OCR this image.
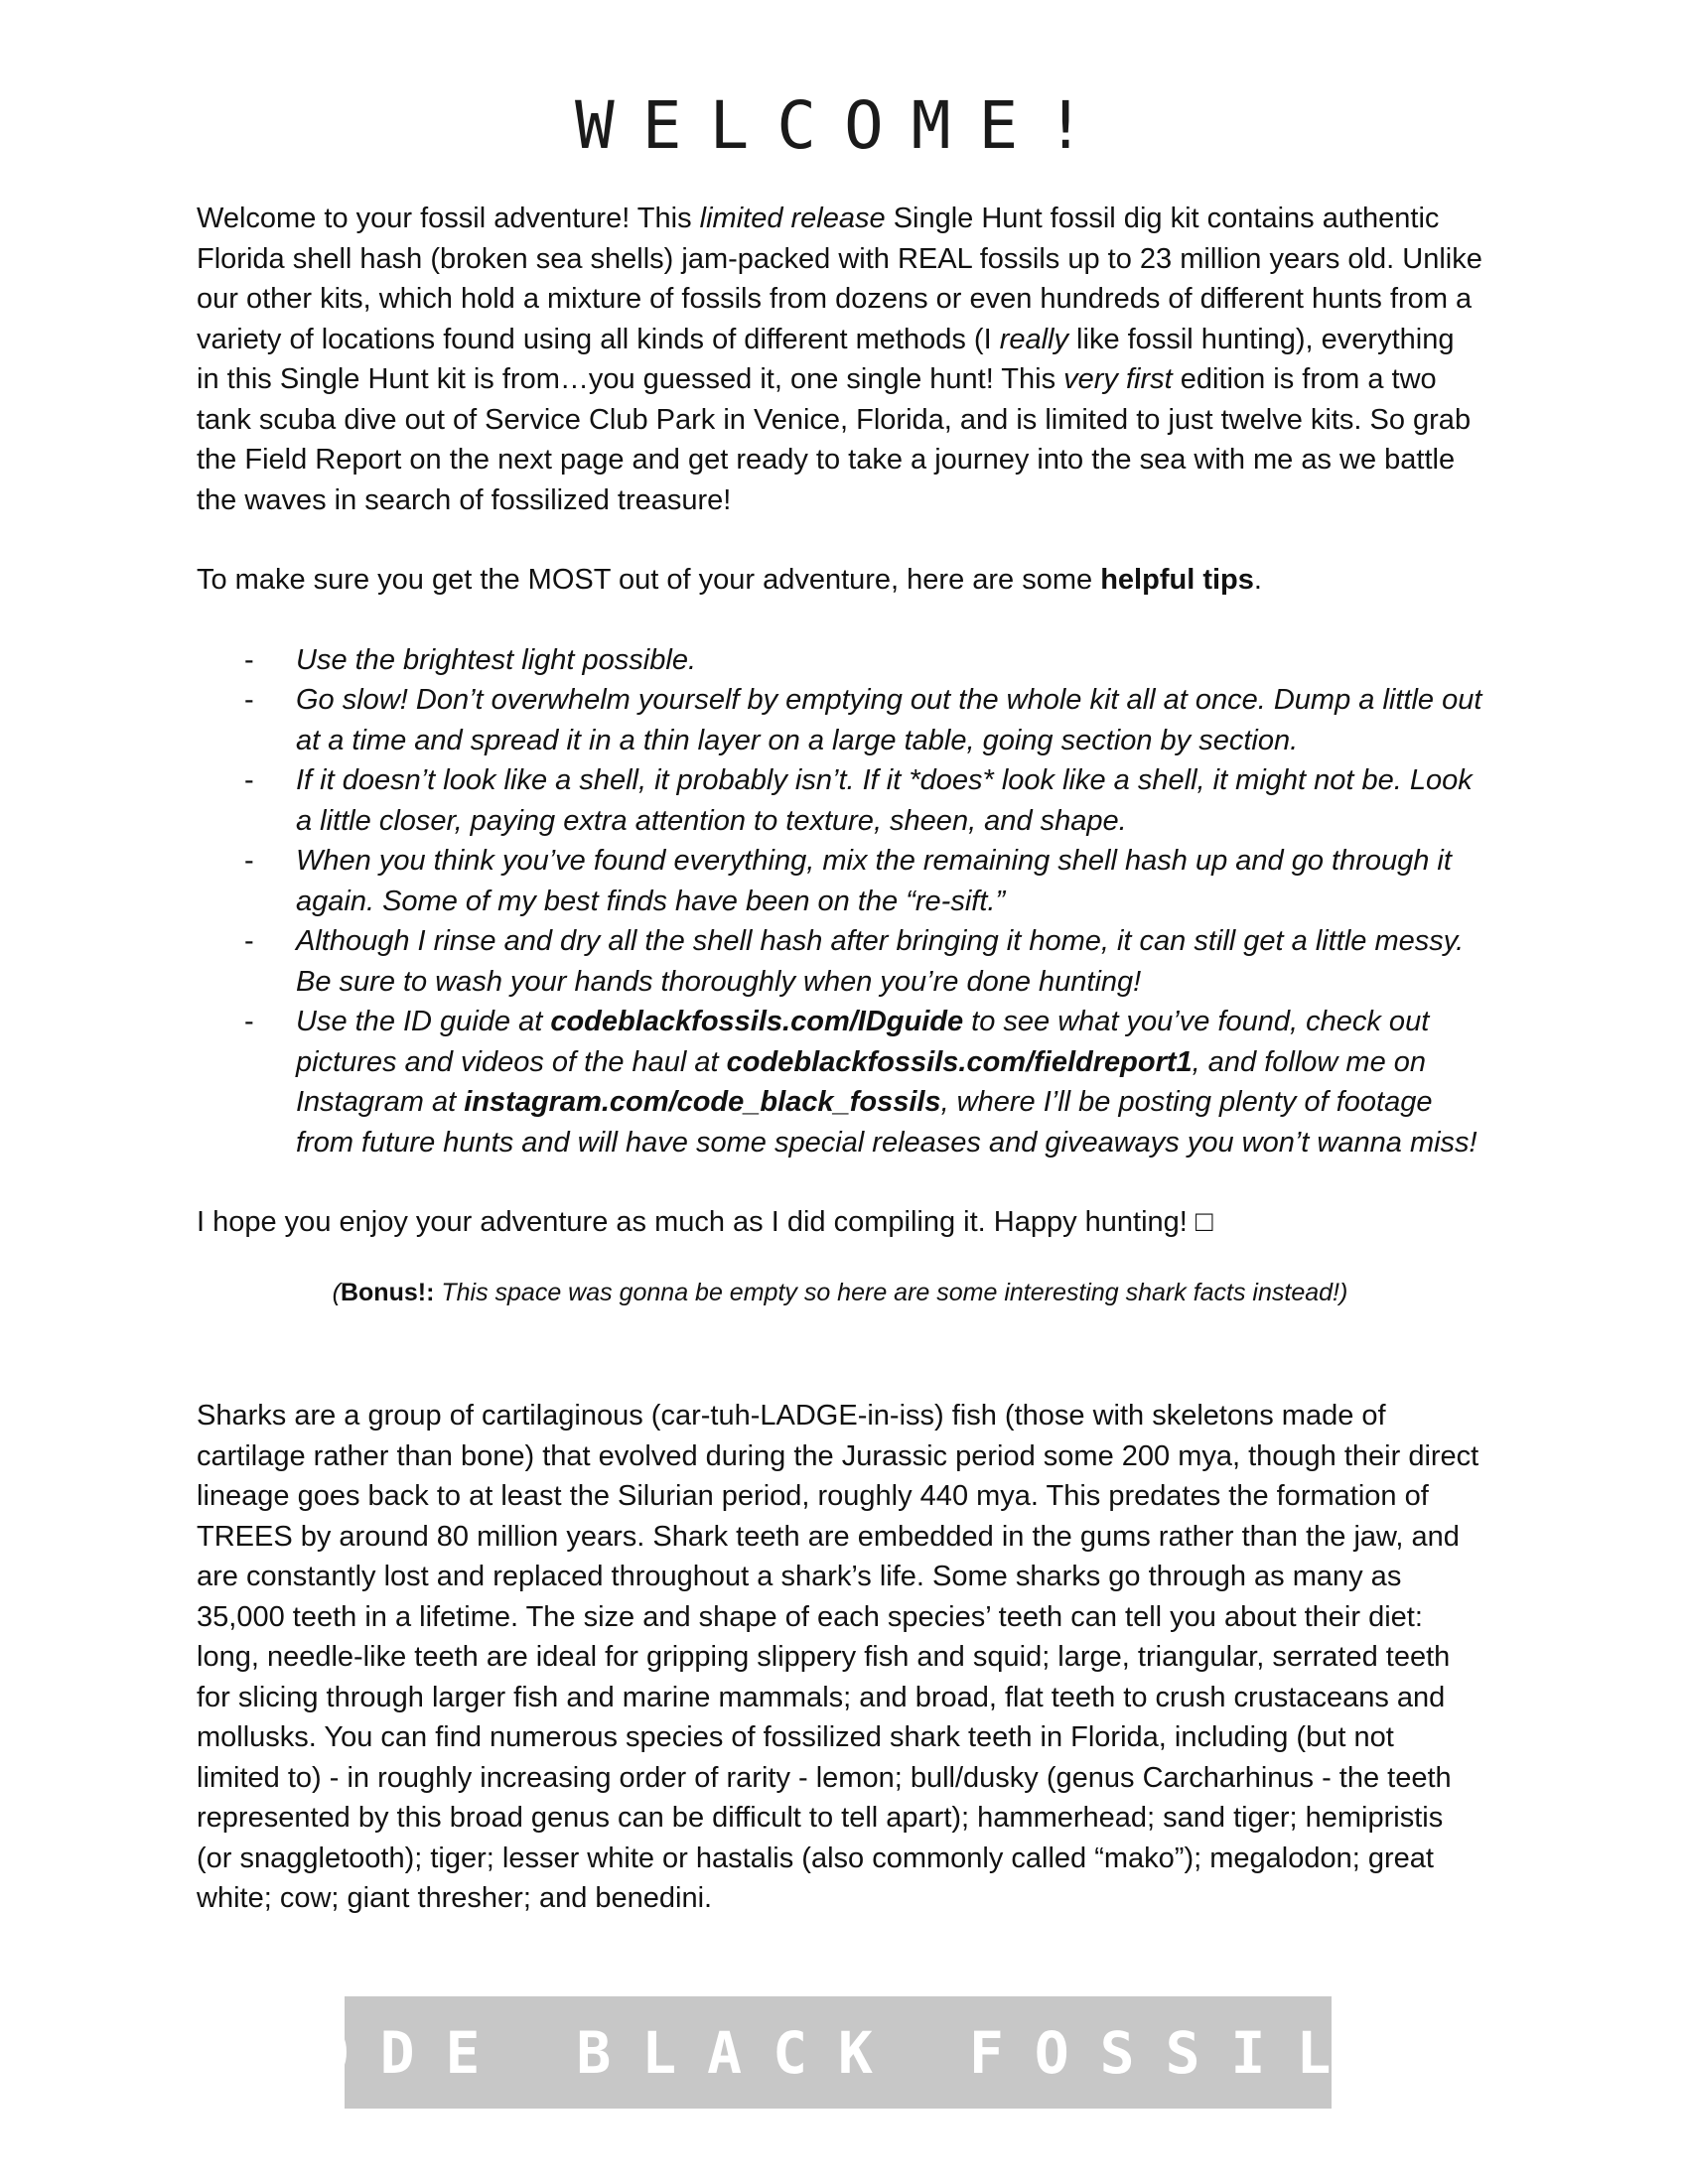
WELCOME!

Welcome to your fossil adventure! This limited release Single Hunt fossil dig kit contains authentic Florida shell hash (broken sea shells) jam-packed with REAL fossils up to 23 million years old. Unlike our other kits, which hold a mixture of fossils from dozens or even hundreds of different hunts from a variety of locations found using all kinds of different methods (I really like fossil hunting), everything in this Single Hunt kit is from…you guessed it, one single hunt! This very first edition is from a two tank scuba dive out of Service Club Park in Venice, Florida, and is limited to just twelve kits. So grab the Field Report on the next page and get ready to take a journey into the sea with me as we battle the waves in search of fossilized treasure!

To make sure you get the MOST out of your adventure, here are some helpful tips.

- Use the brightest light possible.
- Go slow! Don’t overwhelm yourself by emptying out the whole kit all at once. Dump a little out at a time and spread it in a thin layer on a large table, going section by section.
- If it doesn’t look like a shell, it probably isn’t. If it *does* look like a shell, it might not be. Look a little closer, paying extra attention to texture, sheen, and shape.
- When you think you’ve found everything, mix the remaining shell hash up and go through it again. Some of my best finds have been on the “re-sift.”
- Although I rinse and dry all the shell hash after bringing it home, it can still get a little messy. Be sure to wash your hands thoroughly when you’re done hunting!
- Use the ID guide at codeblackfossils.com/IDguide to see what you’ve found, check out pictures and videos of the haul at codeblackfossils.com/fieldreport1, and follow me on Instagram at instagram.com/code_black_fossils, where I’ll be posting plenty of footage from future hunts and will have some special releases and giveaways you won’t wanna miss!

I hope you enjoy your adventure as much as I did compiling it. Happy hunting! □

(Bonus!: This space was gonna be empty so here are some interesting shark facts instead!)

Sharks are a group of cartilaginous (car-tuh-LADGE-in-iss) fish (those with skeletons made of cartilage rather than bone) that evolved during the Jurassic period some 200 mya, though their direct lineage goes back to at least the Silurian period, roughly 440 mya. This predates the formation of TREES by around 80 million years. Shark teeth are embedded in the gums rather than the jaw, and are constantly lost and replaced throughout a shark’s life. Some sharks go through as many as 35,000 teeth in a lifetime. The size and shape of each species’ teeth can tell you about their diet: long, needle-like teeth are ideal for gripping slippery fish and squid; large, triangular, serrated teeth for slicing through larger fish and marine mammals; and broad, flat teeth to crush crustaceans and mollusks. You can find numerous species of fossilized shark teeth in Florida, including (but not limited to) - in roughly increasing order of rarity - lemon; bull/dusky (genus Carcharhinus - the teeth represented by this broad genus can be difficult to tell apart); hammerhead; sand tiger; hemipristis (or snaggletooth); tiger; lesser white or hastalis (also commonly called “mako”); megalodon; great white; cow; giant thresher; and benedini.

CODE BLACK FOSSILS
